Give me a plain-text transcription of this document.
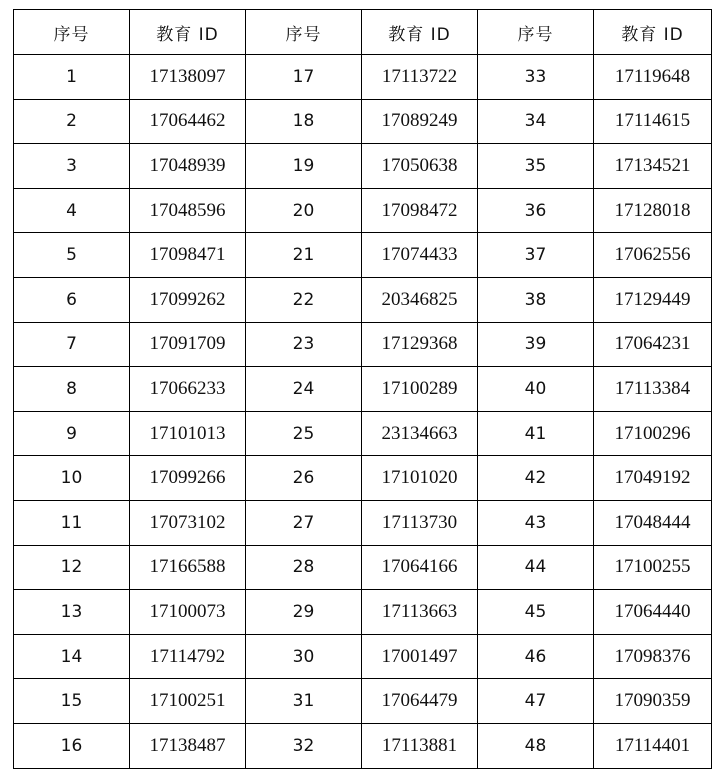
序号	教育 ID	序号	教育 ID	序号	教育 ID
1	17138097	17	17113722	33	17119648
2	17064462	18	17089249	34	17114615
3	17048939	19	17050638	35	17134521
4	17048596	20	17098472	36	17128018
5	17098471	21	17074433	37	17062556
6	17099262	22	20346825	38	17129449
7	17091709	23	17129368	39	17064231
8	17066233	24	17100289	40	17113384
9	17101013	25	23134663	41	17100296
10	17099266	26	17101020	42	17049192
11	17073102	27	17113730	43	17048444
12	17166588	28	17064166	44	17100255
13	17100073	29	17113663	45	17064440
14	17114792	30	17001497	46	17098376
15	17100251	31	17064479	47	17090359
16	17138487	32	17113881	48	17114401
